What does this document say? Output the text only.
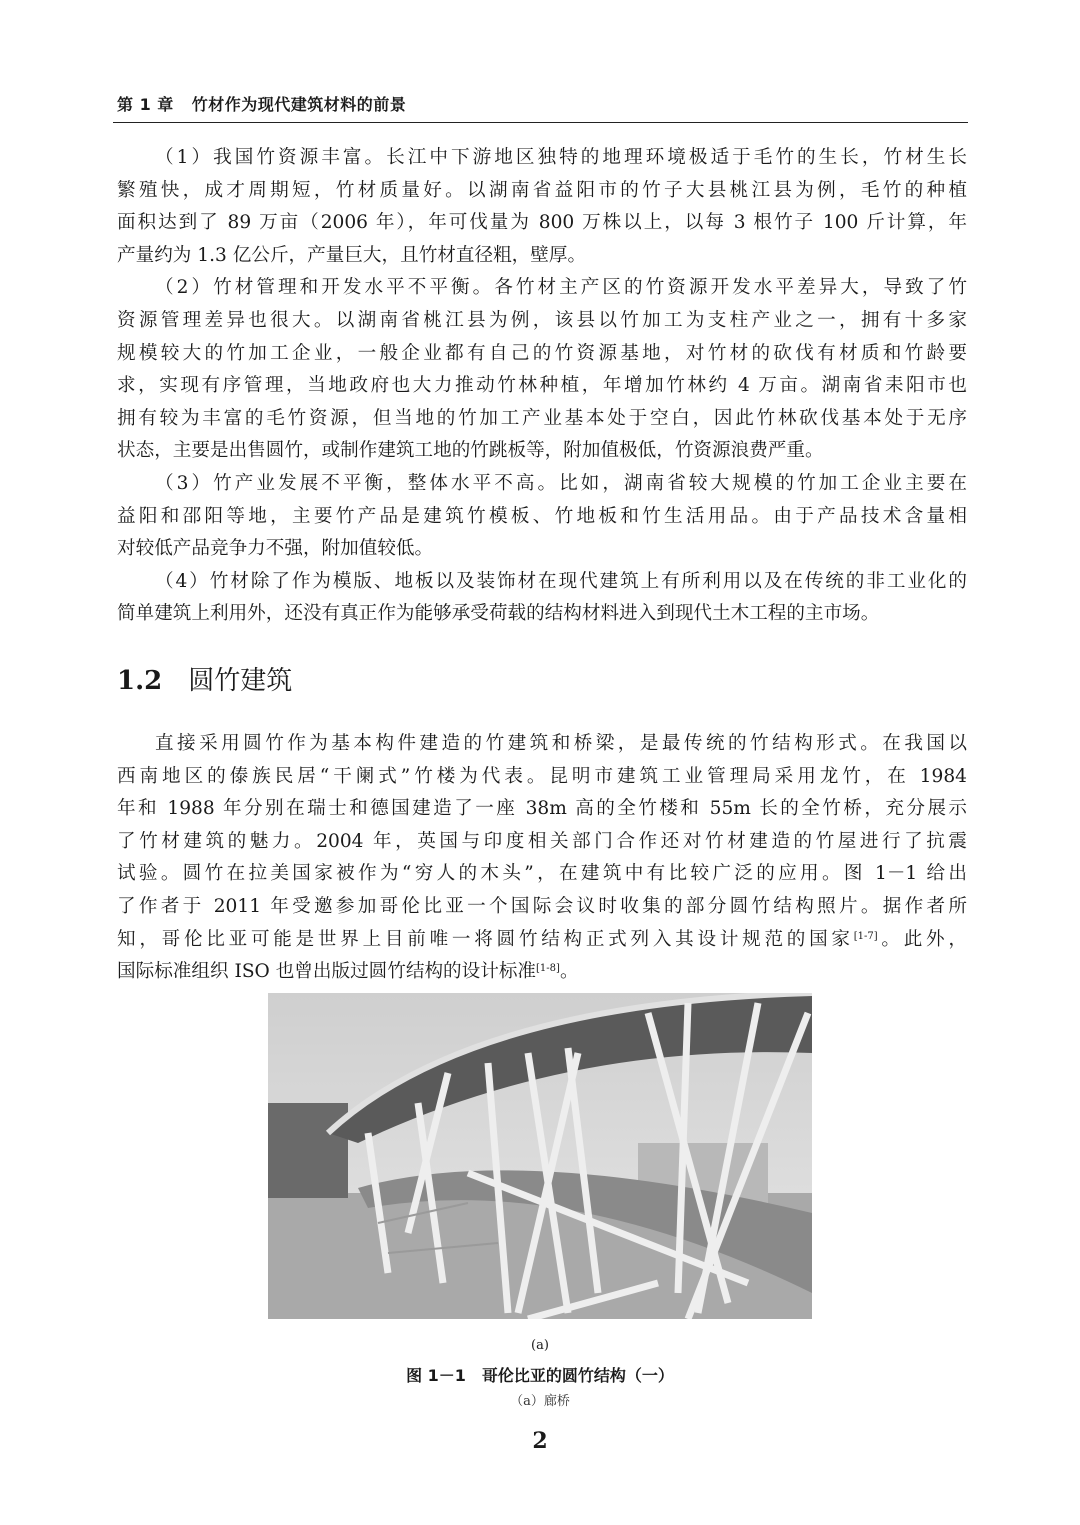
第 1 章 竹材作为现代建筑材料的前景
（1）我国竹资源丰富。长江中下游地区独特的地理环境极适于毛竹的生长，竹材生长
繁殖快，成才周期短，竹材质量好。以湖南省益阳市的竹子大县桃江县为例，毛竹的种植
面积达到了 89 万亩（2006 年），年可伐量为 800 万株以上，以每 3 根竹子 100 斤计算，年
产量约为 1.3 亿公斤，产量巨大，且竹材直径粗，壁厚。
（2）竹材管理和开发水平不平衡。各竹材主产区的竹资源开发水平差异大，导致了竹
资源管理差异也很大。以湖南省桃江县为例，该县以竹加工为支柱产业之一，拥有十多家
规模较大的竹加工企业，一般企业都有自己的竹资源基地，对竹材的砍伐有材质和竹龄要
求，实现有序管理，当地政府也大力推动竹林种植，年增加竹林约 4 万亩。湖南省耒阳市也
拥有较为丰富的毛竹资源，但当地的竹加工产业基本处于空白，因此竹林砍伐基本处于无序
状态，主要是出售圆竹，或制作建筑工地的竹跳板等，附加值极低，竹资源浪费严重。
（3）竹产业发展不平衡，整体水平不高。比如，湖南省较大规模的竹加工企业主要在
益阳和邵阳等地，主要竹产品是建筑竹模板、竹地板和竹生活用品。由于产品技术含量相
对较低产品竞争力不强，附加值较低。
（4）竹材除了作为模版、地板以及装饰材在现代建筑上有所利用以及在传统的非工业化的
简单建筑上利用外，还没有真正作为能够承受荷载的结构材料进入到现代土木工程的主市场。
1.2 圆竹建筑
直接采用圆竹作为基本构件建造的竹建筑和桥梁，是最传统的竹结构形式。在我国以
西南地区的傣族民居“干阑式”竹楼为代表。昆明市建筑工业管理局采用龙竹，在 1984
年和 1988 年分别在瑞士和德国建造了一座 38m 高的全竹楼和 55m 长的全竹桥，充分展示
了竹材建筑的魅力。2004 年，英国与印度相关部门合作还对竹材建造的竹屋进行了抗震
试验。圆竹在拉美国家被作为“穷人的木头”，在建筑中有比较广泛的应用。图 1－1 给出
了作者于 2011 年受邀参加哥伦比亚一个国际会议时收集的部分圆竹结构照片。据作者所
知，哥伦比亚可能是世界上目前唯一将圆竹结构正式列入其设计规范的国家[1-7]。此外，
国际标准组织 ISO 也曾出版过圆竹结构的设计标准[1-8]。
(a)
图 1－1　哥伦比亚的圆竹结构（一）
（a）廊桥
2
